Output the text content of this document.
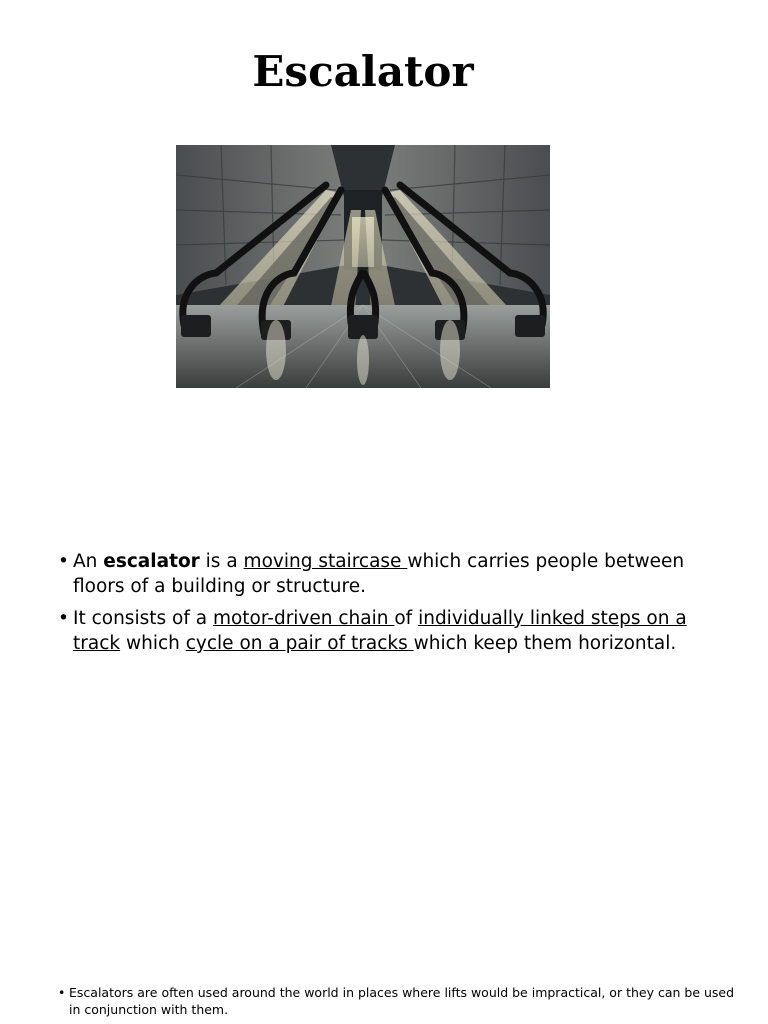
Escalator
• An escalator is a moving staircase which carries people between floors of a building or structure.
• It consists of a motor-driven chain of individually linked steps on a track which cycle on a pair of tracks which keep them horizontal.

• Escalators are often used around the world in places where lifts would be impractical, or they can be used in conjunction with them.
